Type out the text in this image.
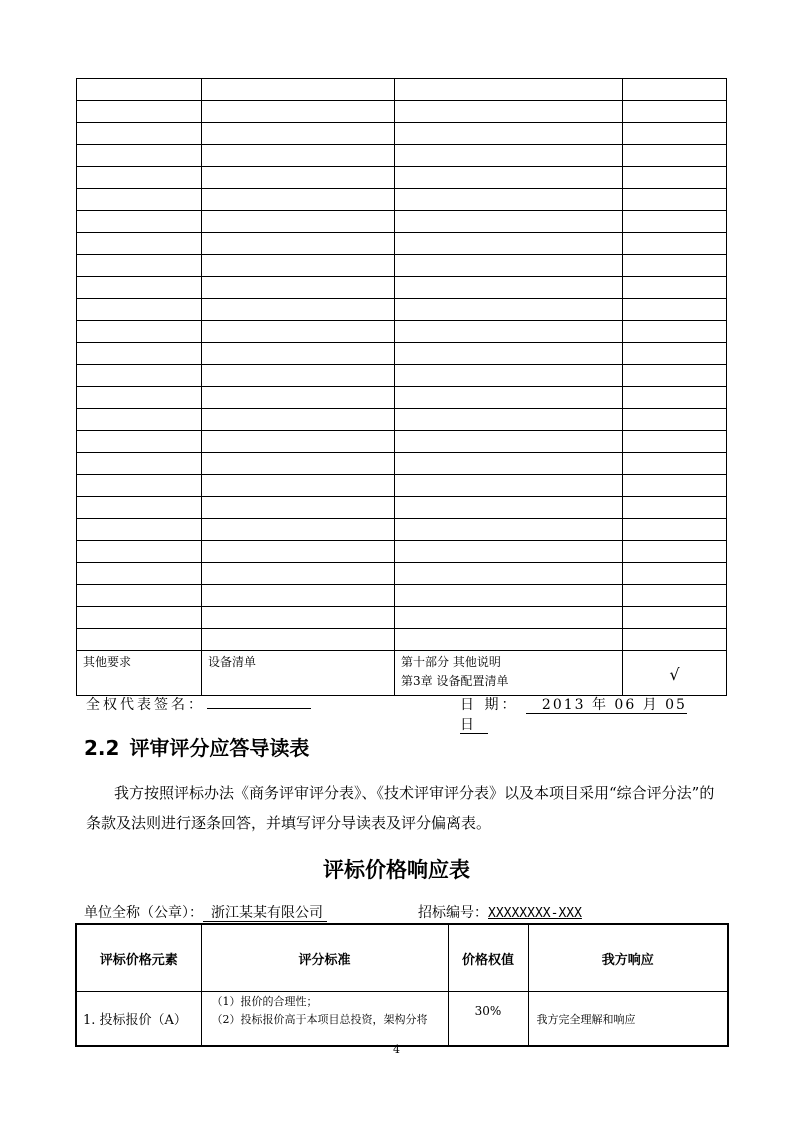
其他要求	设备清单	第十部分 其他说明
第3章 设备配置清单	√
全权代表签名：	日 期： 2013 年 06 月 05 日
2.2 评审评分应答导读表
我方按照评标办法《商务评审评分表》、《技术评审评分表》以及本项目采用“综合评分法”的条款及法则进行逐条回答，并填写评分导读表及评分偏离表。
评标价格响应表
单位全称（公章）： 浙江某某有限公司	招标编号：XXXXXXXX-XXX
评标价格元素	评分标准	价格权值	我方响应
1. 投标报价（A）	（1）报价的合理性；
（2）投标报价高于本项目总投资，架构分将	30%	我方完全理解和响应
4
